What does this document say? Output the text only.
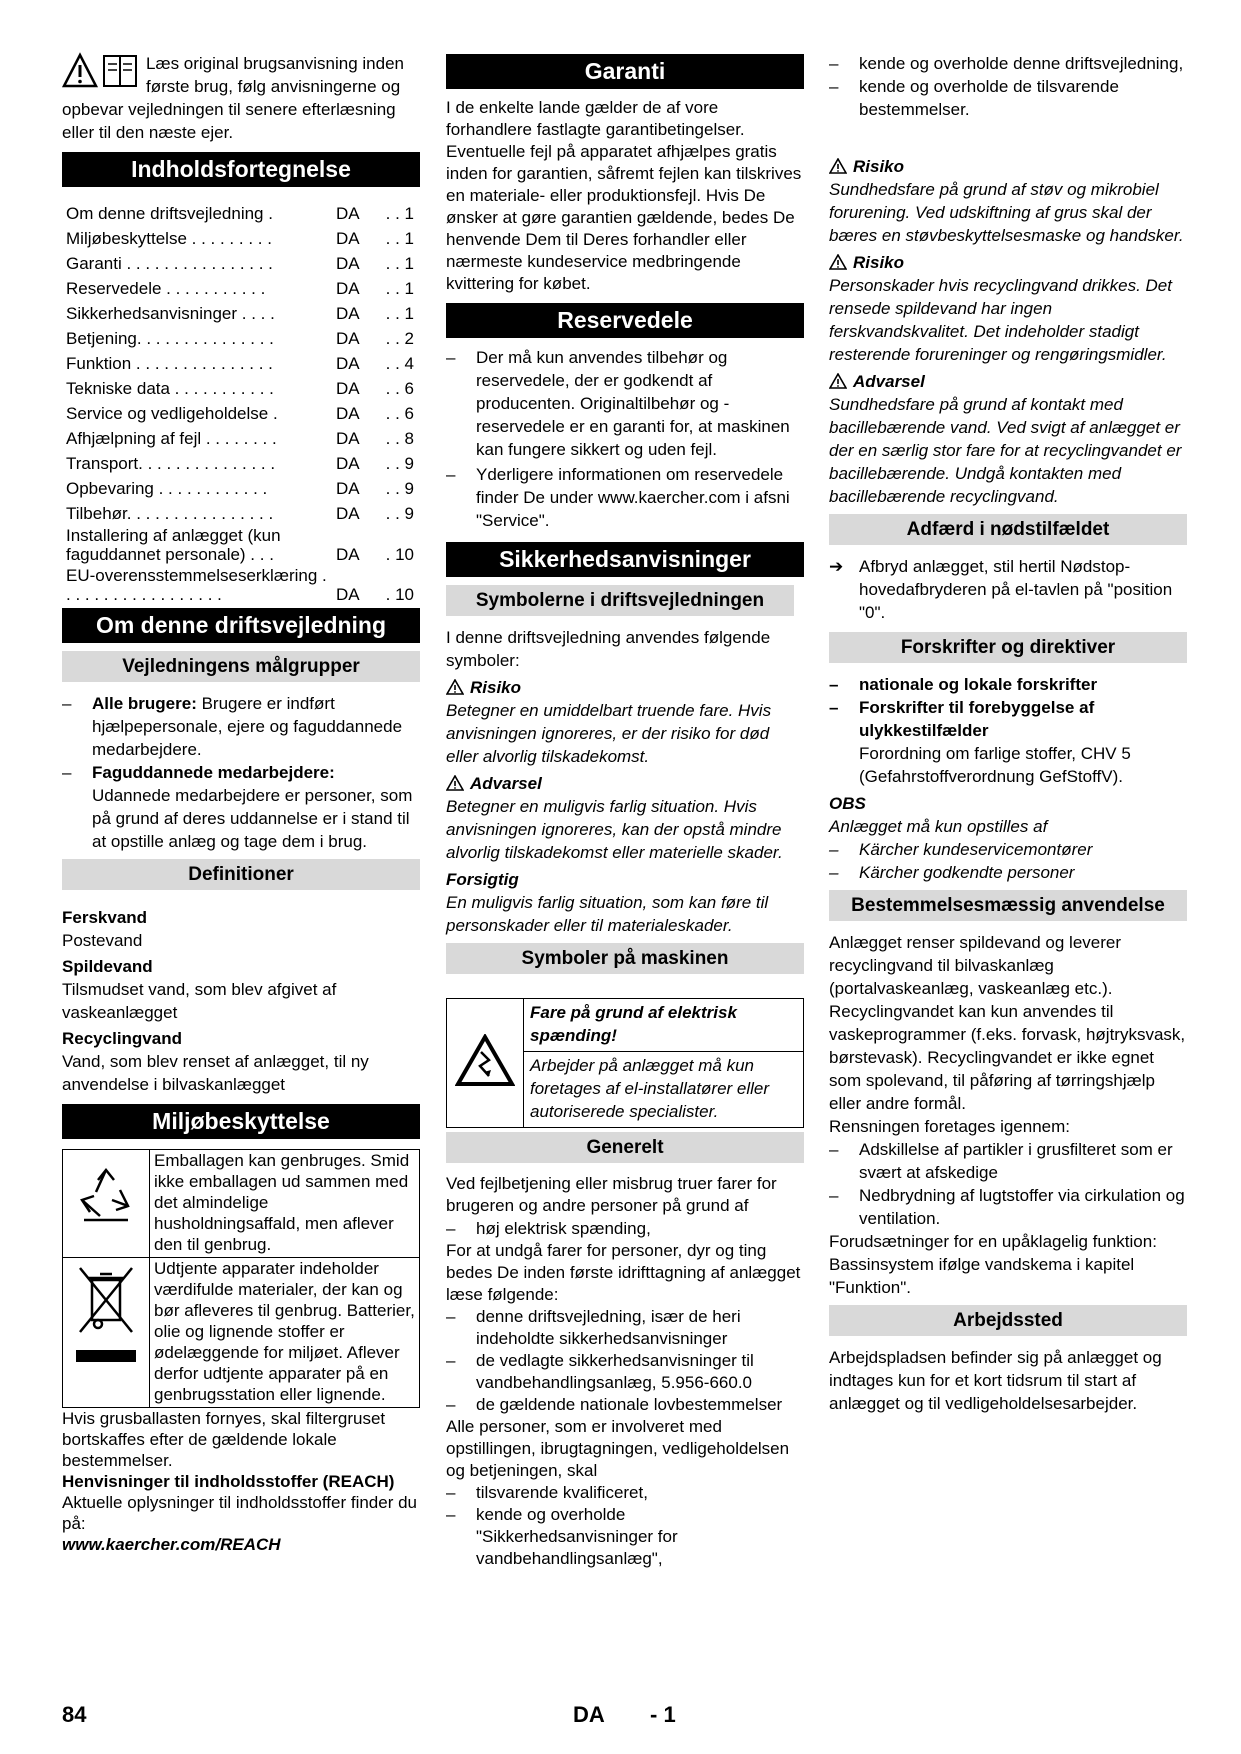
Læs original brugsanvisning inden første brug, følg anvisningerne og opbevar vejledningen til senere efterlæsning eller til den næste ejer.

Indholdsfortegnelse
Om denne driftsvejledning .	DA	. . 1
Miljøbeskyttelse . . . . . . . . .	DA	. . 1
Garanti . . . . . . . . . . . . . . . .	DA	. . 1
Reservedele . . . . . . . . . . .	DA	. . 1
Sikkerhedsanvisninger . . . .	DA	. . 1
Betjening. . . . . . . . . . . . . . .	DA	. . 2
Funktion . . . . . . . . . . . . . . .	DA	. . 4
Tekniske data . . . . . . . . . . .	DA	. . 6
Service og vedligeholdelse .	DA	. . 6
Afhjælpning af fejl . . . . . . . .	DA	. . 8
Transport. . . . . . . . . . . . . . .	DA	. . 9
Opbevaring . . . . . . . . . . . .	DA	. . 9
Tilbehør. . . . . . . . . . . . . . . .	DA	. . 9
Installering af anlægget (kun faguddannet personale) . . .	DA	. 10
EU-overensstemmelseserklæring . . . . . . . . . . . . . . . . . .	DA	. 10
Om denne driftsvejledning
Vejledningens målgrupper
–	Alle brugere: Brugere er indført hjælpepersonale, ejere og faguddannede medarbejdere.
–	Faguddannede medarbejdere:
Udannede medarbejdere er personer, som på grund af deres uddannelse er i stand til at opstille anlæg og tage dem i brug.
Definitioner

Ferskvand

Postevand

Spildevand

Tilsmudset vand, som blev afgivet af vaskeanlægget

Recyclingvand

Vand, som blev renset af anlægget, til ny anvendelse i bilvaskanlægget

Miljøbeskyttelse

Emballagen kan genbruges. Smid ikke emballagen ud sammen med det almindelige husholdningsaffald, men aflever den til genbrug.

Udtjente apparater indeholder værdifulde materialer, der kan og bør afleveres til genbrug. Batterier, olie og lignende stoffer er ødelæggende for miljøet. Aflever derfor udtjente apparater på en genbrugsstation eller lignende.

Hvis grusballasten fornyes, skal filtergruset bortskaffes efter de gældende lokale bestemmelser.

Henvisninger til indholdsstoffer (REACH)

Aktuelle oplysninger til indholdsstoffer finder du på:

www.kaercher.com/REACH

Garanti

I de enkelte lande gælder de af vore forhandlere fastlagte garantibetingelser. Eventuelle fejl på apparatet afhjælpes gratis inden for garantien, såfremt fejlen kan tilskrives en materiale- eller produktionsfejl. Hvis De ønsker at gøre garantien gældende, bedes De henvende Dem til Deres forhandler eller nærmeste kundeservice medbringende kvittering for købet.

Reservedele
–	Der må kun anvendes tilbehør og reservedele, der er godkendt af producenten. Originaltilbehør og -reservedele er en garanti for, at maskinen kan fungere sikkert og uden fejl.
–	Yderligere informationen om reservedele finder De under www.kaercher.com i afsni "Service".
Sikkerhedsanvisninger
Symbolerne i driftsvejledningen

I denne driftsvejledning anvendes følgende symboler:

Risiko

Betegner en umiddelbart truende fare. Hvis anvisningen ignoreres, er der risiko for død eller alvorlig tilskadekomst.

Advarsel

Betegner en muligvis farlig situation. Hvis anvisningen ignoreres, kan der opstå mindre alvorlig tilskadekomst eller materielle skader.

Forsigtig

En muligvis farlig situation, som kan føre til personskader eller til materialeskader.

Symboler på maskinen

Fare på grund af elektrisk spænding!

Arbejder på anlægget må kun foretages af el-installatører eller autoriserede specialister.

Generelt

Ved fejlbetjening eller misbrug truer farer for brugeren og andre personer på grund af

–	høj elektrisk spænding,

For at undgå farer for personer, dyr og ting bedes De inden første idrifttagning af anlægget læse følgende:

–	denne driftsvejledning, især de heri indeholdte sikkerhedsanvisninger
–	de vedlagte sikkerhedsanvisninger til vandbehandlingsanlæg, 5.956-660.0
–	de gældende nationale lovbestemmelser

Alle personer, som er involveret med opstillingen, ibrugtagningen, vedligeholdelsen og betjeningen, skal

–	tilsvarende kvalificeret,
–	kende og overholde "Sikkerhedsanvisninger for vandbehandlingsanlæg",
–	kende og overholde denne driftsvejledning,
–	kende og overholde de tilsvarende bestemmelser.

Risiko

Sundhedsfare på grund af støv og mikrobiel forurening. Ved udskiftning af grus skal der bæres en støvbeskyttelsesmaske og handsker.

Risiko

Personskader hvis recyclingvand drikkes. Det rensede spildevand har ingen ferskvandskvalitet. Det indeholder stadigt resterende forureninger og rengøringsmidler.

Advarsel

Sundhedsfare på grund af kontakt med bacillebærende vand. Ved svigt af anlægget er der en særlig stor fare for at recyclingvandet er bacillebærende. Undgå kontakten med bacillebærende recyclingvand.

Adfærd i nødstilfældet
➔ Afbryd anlægget, stil hertil Nødstop-hovedafbryderen på el-tavlen på "position "0".
Forskrifter og direktiver
–	nationale og lokale forskrifter
–	Forskrifter til forebyggelse af ulykkestilfælder

Forordning om farlige stoffer, CHV 5 (Gefahrstoffverordnung GefStoffV).

OBS

Anlægget må kun opstilles af

–	Kärcher kundeservicemontører
–	Kärcher godkendte personer
Bestemmelsesmæssig anvendelse

Anlægget renser spildevand og leverer recyclingvand til bilvaskanlæg (portalvaskeanlæg, vaskeanlæg etc.).

Recyclingvandet kan kun anvendes til vaskeprogrammer (f.eks. forvask, højtryksvask, børstevask). Recyclingvandet er ikke egnet som spolevand, til påføring af tørringshjælp eller andre formål.

Rensningen foretages igennem:

–	Adskillelse af partikler i grusfilteret som er svært at afskedige
–	Nedbrydning af lugtstoffer via cirkulation og ventilation.

Forudsætninger for en upåklagelig funktion: Bassinsystem ifølge vandskema i kapitel "Funktion".

Arbejdssted

Arbejdspladsen befinder sig på anlægget og indtages kun for et kort tidsrum til start af anlægget og til vedligeholdelsesarbejder.

84	DA - 1
